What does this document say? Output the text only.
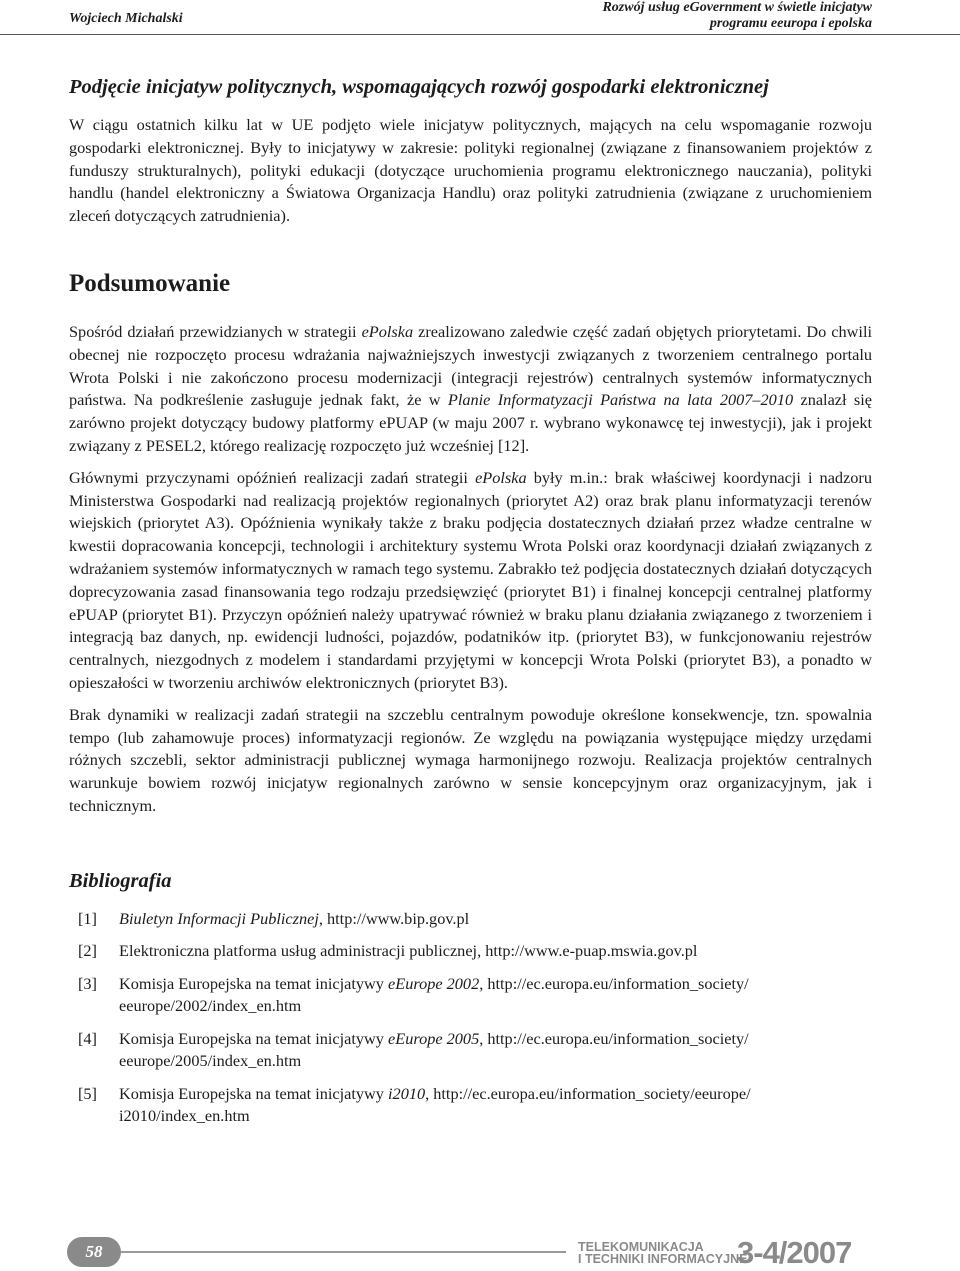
Wojciech Michalski
Rozwój usług eGovernment w świetle inicjatyw
programu eeuropa i epolska
Podjęcie inicjatyw politycznych, wspomagających rozwój gospodarki elektronicznej

W ciągu ostatnich kilku lat w UE podjęto wiele inicjatyw politycznych, mających na celu wspomaganie rozwoju gospodarki elektronicznej. Były to inicjatywy w zakresie: polityki regionalnej (związane z finansowaniem projektów z funduszy strukturalnych), polityki edukacji (dotyczące uruchomienia programu elektronicznego nauczania), polityki handlu (handel elektroniczny a Światowa Organizacja Handlu) oraz polityki zatrudnienia (związane z uruchomieniem zleceń dotyczących zatrudnienia).

Podsumowanie

Spośród działań przewidzianych w strategii ePolska zrealizowano zaledwie część zadań objętych priorytetami. Do chwili obecnej nie rozpoczęto procesu wdrażania najważniejszych inwestycji związanych z tworzeniem centralnego portalu Wrota Polski i nie zakończono procesu modernizacji (integracji rejestrów) centralnych systemów informatycznych państwa. Na podkreślenie zasługuje jednak fakt, że w Planie Informatyzacji Państwa na lata 2007–2010 znalazł się zarówno projekt dotyczący budowy platformy ePUAP (w maju 2007 r. wybrano wykonawcę tej inwestycji), jak i projekt związany z PESEL2, którego realizację rozpoczęto już wcześniej [12].

Głównymi przyczynami opóźnień realizacji zadań strategii ePolska były m.in.: brak właściwej koordynacji i nadzoru Ministerstwa Gospodarki nad realizacją projektów regionalnych (priorytet A2) oraz brak planu informatyzacji terenów wiejskich (priorytet A3). Opóźnienia wynikały także z braku podjęcia dostatecznych działań przez władze centralne w kwestii dopracowania koncepcji, technologii i architektury systemu Wrota Polski oraz koordynacji działań związanych z wdrażaniem systemów informatycznych w ramach tego systemu. Zabrakło też podjęcia dostatecznych działań dotyczących doprecyzowania zasad finansowania tego rodzaju przedsięwzięć (priorytet B1) i finalnej koncepcji centralnej platformy ePUAP (priorytet B1). Przyczyn opóźnień należy upatrywać również w braku planu działania związanego z tworzeniem i integracją baz danych, np. ewidencji ludności, pojazdów, podatników itp. (priorytet B3), w funkcjonowaniu rejestrów centralnych, niezgodnych z modelem i standardami przyjętymi w koncepcji Wrota Polski (priorytet B3), a ponadto w opieszałości w tworzeniu archiwów elektronicznych (priorytet B3).

Brak dynamiki w realizacji zadań strategii na szczeblu centralnym powoduje określone konsekwencje, tzn. spowalnia tempo (lub zahamowuje proces) informatyzacji regionów. Ze względu na powiązania występujące między urzędami różnych szczebli, sektor administracji publicznej wymaga harmonijnego rozwoju. Realizacja projektów centralnych warunkuje bowiem rozwój inicjatyw regionalnych zarówno w sensie koncepcyjnym oraz organizacyjnym, jak i technicznym.

Bibliografia
[1]	Biuletyn Informacji Publicznej, http://www.bip.gov.pl
[2]	Elektroniczna platforma usług administracji publicznej, http://www.e-puap.mswia.gov.pl
[3]	Komisja Europejska na temat inicjatywy eEurope 2002, http://ec.europa.eu/information_society/ eeurope/2002/index_en.htm
[4]	Komisja Europejska na temat inicjatywy eEurope 2005, http://ec.europa.eu/information_society/ eeurope/2005/index_en.htm
[5]	Komisja Europejska na temat inicjatywy i2010, http://ec.europa.eu/information_society/eeurope/ i2010/index_en.htm
58	TELEKOMUNIKACJA
I TECHNIKI INFORMACYJNE
3-4/2007
